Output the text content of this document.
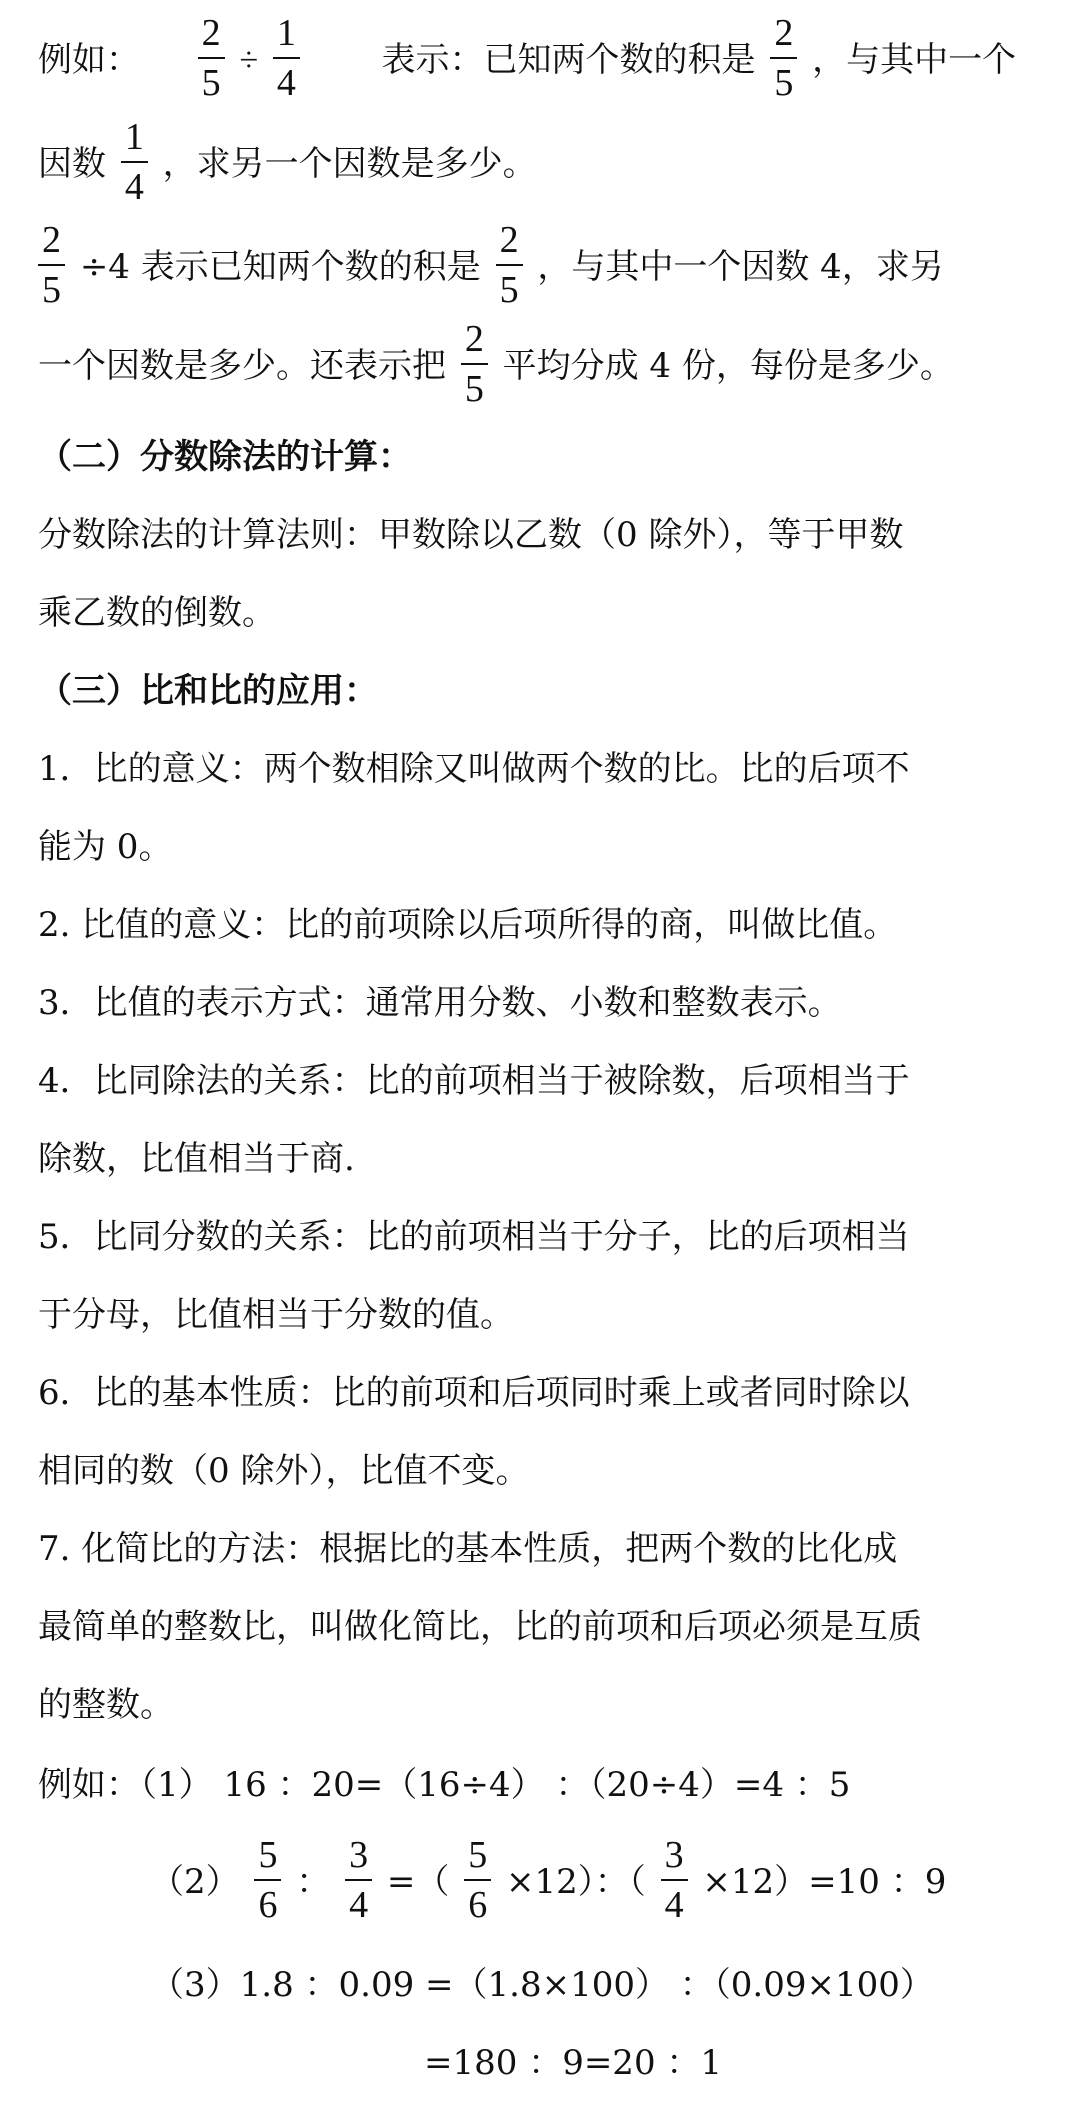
例如： $\frac{2}{5} \div \frac{1}{4}$ 表示：已知两个数的积是 $\frac{2}{5}$ ，与其中一个
因数 $\frac{1}{4}$ ，求另一个因数是多少。
$\frac{2}{5} \div 4$ 表示已知两个数的积是 $\frac{2}{5}$ ，与其中一个因数 4，求另
一个因数是多少。还表示把 $\frac{2}{5}$ 平均分成 4 份，每份是多少。
（二）分数除法的计算：
分数除法的计算法则：甲数除以乙数（0 除外），等于甲数
乘乙数的倒数。
（三）比和比的应用：
1．比的意义：两个数相除又叫做两个数的比。比的后项不
能为 0。
2. 比值的意义：比的前项除以后项所得的商，叫做比值。
3．比值的表示方式：通常用分数、小数和整数表示。
4．比同除法的关系：比的前项相当于被除数，后项相当于
除数，比值相当于商.
5．比同分数的关系：比的前项相当于分子，比的后项相当
于分母，比值相当于分数的值。
6．比的基本性质：比的前项和后项同时乘上或者同时除以
相同的数（0 除外），比值不变。
7. 化简比的方法：根据比的基本性质，把两个数的比化成
最简单的整数比，叫做化简比，比的前项和后项必须是互质
的整数。
例如：（1） 16 ：20=（16÷4） ：（20÷4）=4 ：5
$(2) \frac{5}{6}$ ： $\frac{3}{4}$ =（ $\frac{5}{6} \times 12$）：（ $\frac{3}{4} \times 12)=10$ ：9
（3）1.8 ：0.09 =（1.8×100） ：（0.09×100）
=180 ：9=20 ：1
